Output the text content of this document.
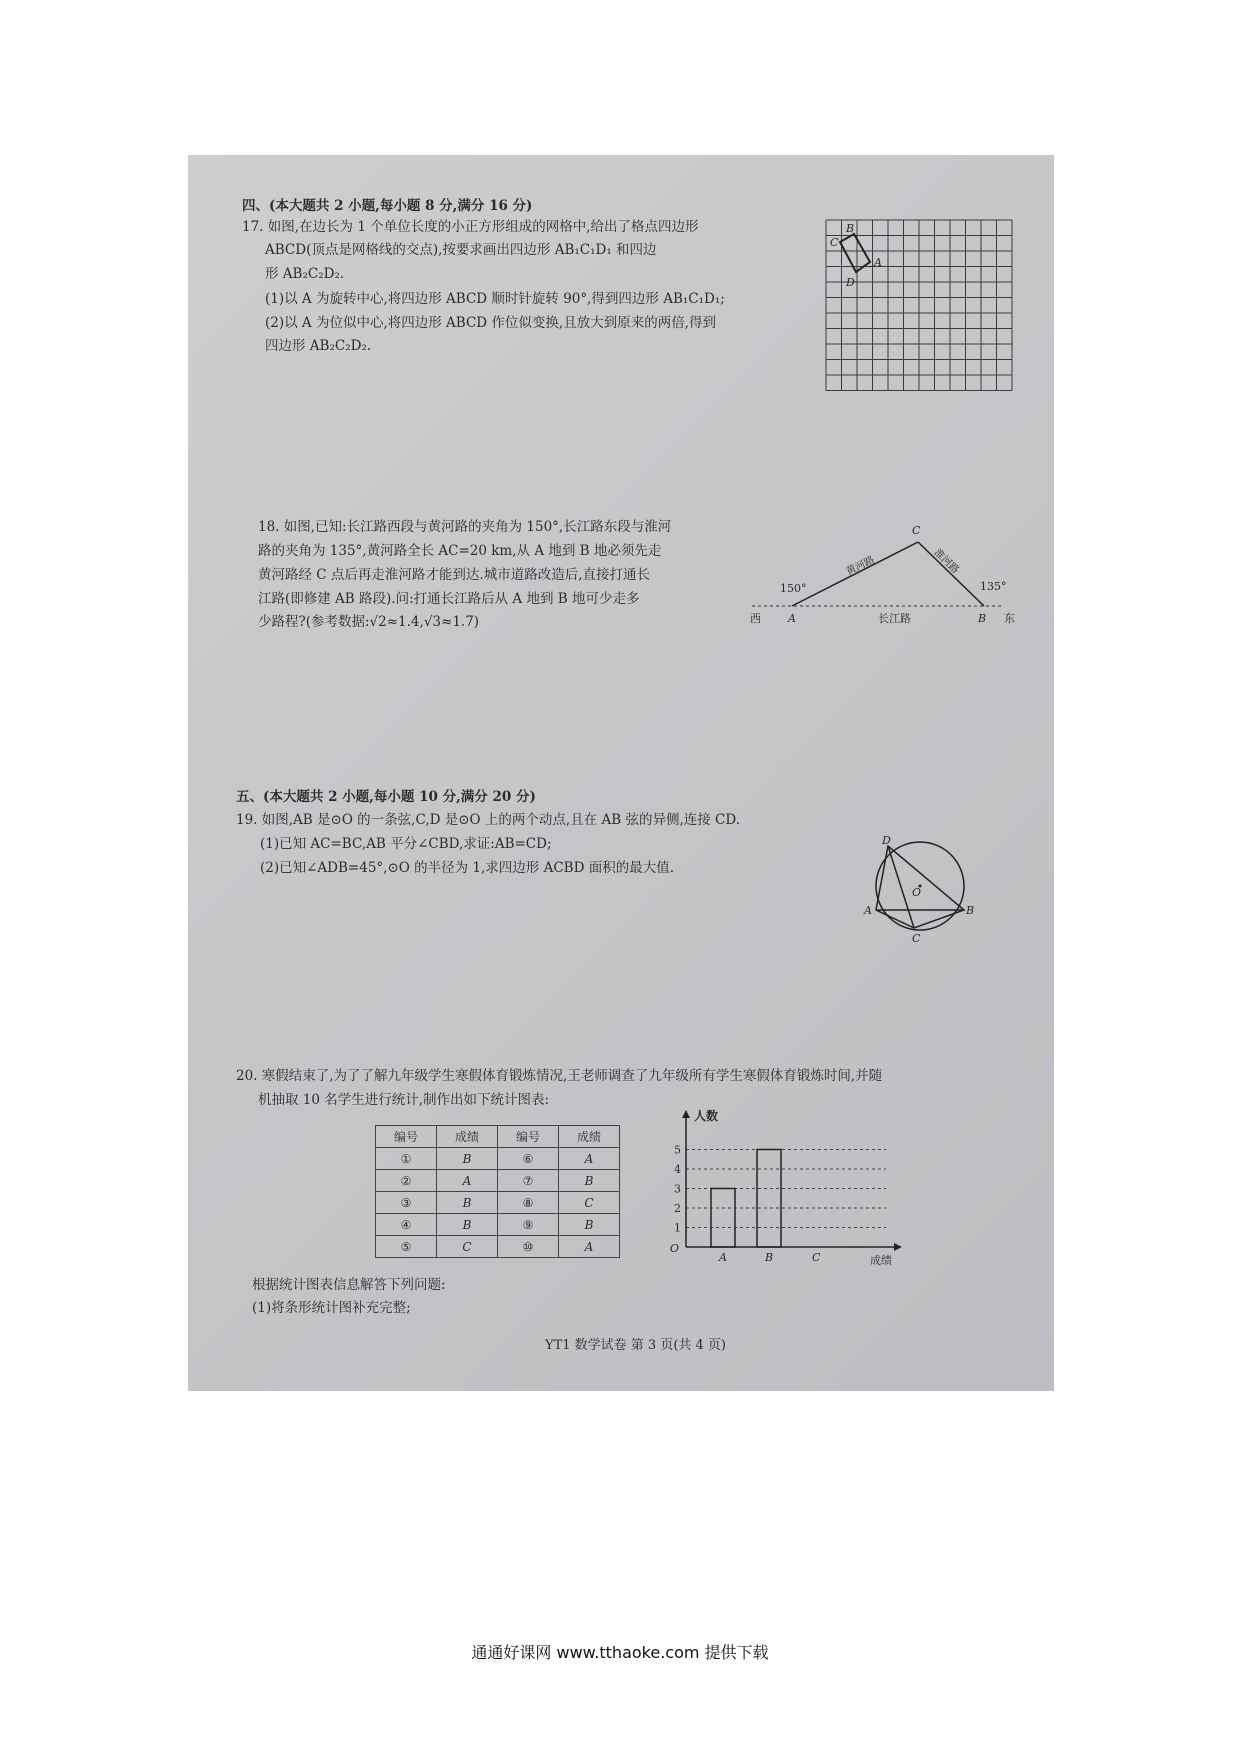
四、(本大题共 2 小题,每小题 8 分,满分 16 分)
17. 如图,在边长为 1 个单位长度的小正方形组成的网格中,给出了格点四边形
ABCD(顶点是网格线的交点),按要求画出四边形 AB₁C₁D₁ 和四边
形 AB₂C₂D₂.
(1)以 A 为旋转中心,将四边形 ABCD 顺时针旋转 90°,得到四边形 AB₁C₁D₁;
(2)以 A 为位似中心,将四边形 ABCD 作位似变换,且放大到原来的两倍,得到
四边形 AB₂C₂D₂.
B
C
A
D
18. 如图,已知:长江路西段与黄河路的夹角为 150°,长江路东段与淮河
路的夹角为 135°,黄河路全长 AC=20 km,从 A 地到 B 地必须先走
黄河路经 C 点后再走淮河路才能到达.城市道路改造后,直接打通长
江路(即修建 AB 路段).问:打通长江路后从 A 地到 B 地可少走多
少路程?(参考数据:√2≈1.4,√3≈1.7)
150°	135°
C
A	B
黄河路	淮河路
长江路
西	东
五、(本大题共 2 小题,每小题 10 分,满分 20 分)
19. 如图,AB 是⊙O 的一条弦,C,D 是⊙O 上的两个动点,且在 AB 弦的异侧,连接 CD.
(1)已知 AC=BC,AB 平分∠CBD,求证:AB=CD;
(2)已知∠ADB=45°,⊙O 的半径为 1,求四边形 ACBD 面积的最大值.
D
A	B
C
O
20. 寒假结束了,为了了解九年级学生寒假体育锻炼情况,王老师调查了九年级所有学生寒假体育锻炼时间,并随
机抽取 10 名学生进行统计,制作出如下统计图表:
编号	成绩	编号	成绩
①	B	⑥	A
②	A	⑦	B
③	B	⑧	C
④	B	⑨	B
⑤	C	⑩	A
1
2
3
4
5
A	B	C
人数
成绩
O
根据统计图表信息解答下列问题:
(1)将条形统计图补充完整;
YT1 数学试卷 第 3 页(共 4 页)
通通好课网 www.tthaoke.com 提供下载
